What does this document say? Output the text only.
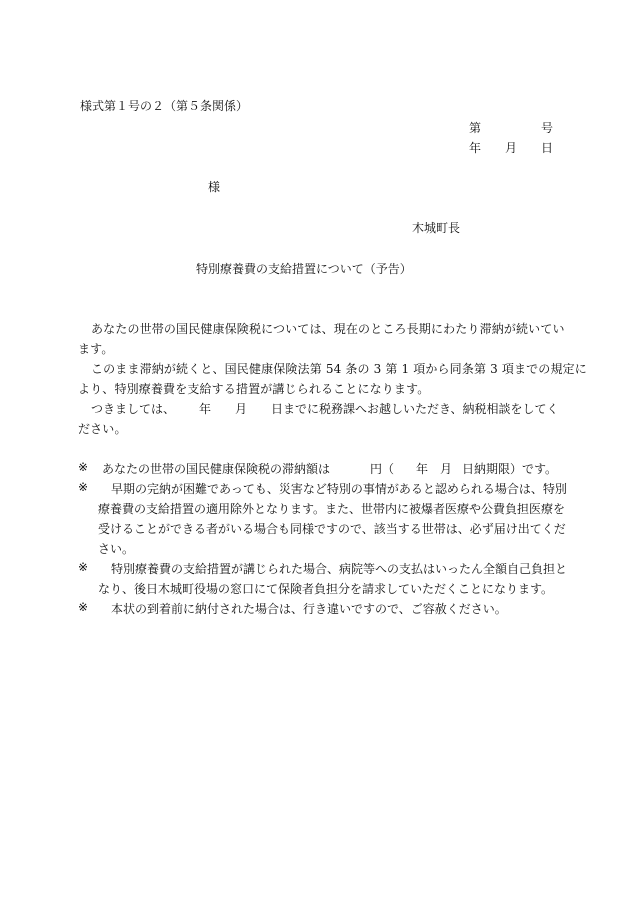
様式第１号の２（第５条関係）
第	号
年 月 日
様
木城町長
特別療養費の支給措置について（予告）
あなたの世帯の国民健康保険税については、現在のところ長期にわたり滞納が続いてい
ます。
このまま滞納が続くと、国民健康保険法第 54 条の 3 第 1 項から同条第 3 項までの規定に
より、特別療養費を支給する措置が講じられることになります。
つきましては、 年 月 日までに税務課へお越しいただき、納税相談をしてく
ださい。
※ あなたの世帯の国民健康保険税の滞納額は	円（ 年 月 日納期限）です。
※ 早期の完納が困難であっても、災害など特別の事情があると認められる場合は、特別
療養費の支給措置の適用除外となります。また、世帯内に被爆者医療や公費負担医療を
受けることができる者がいる場合も同様ですので、該当する世帯は、必ず届け出てくだ
さい。
※ 特別療養費の支給措置が講じられた場合、病院等への支払はいったん全額自己負担と
なり、後日木城町役場の窓口にて保険者負担分を請求していただくことになります。
※ 本状の到着前に納付された場合は、行き違いですので、ご容赦ください。
